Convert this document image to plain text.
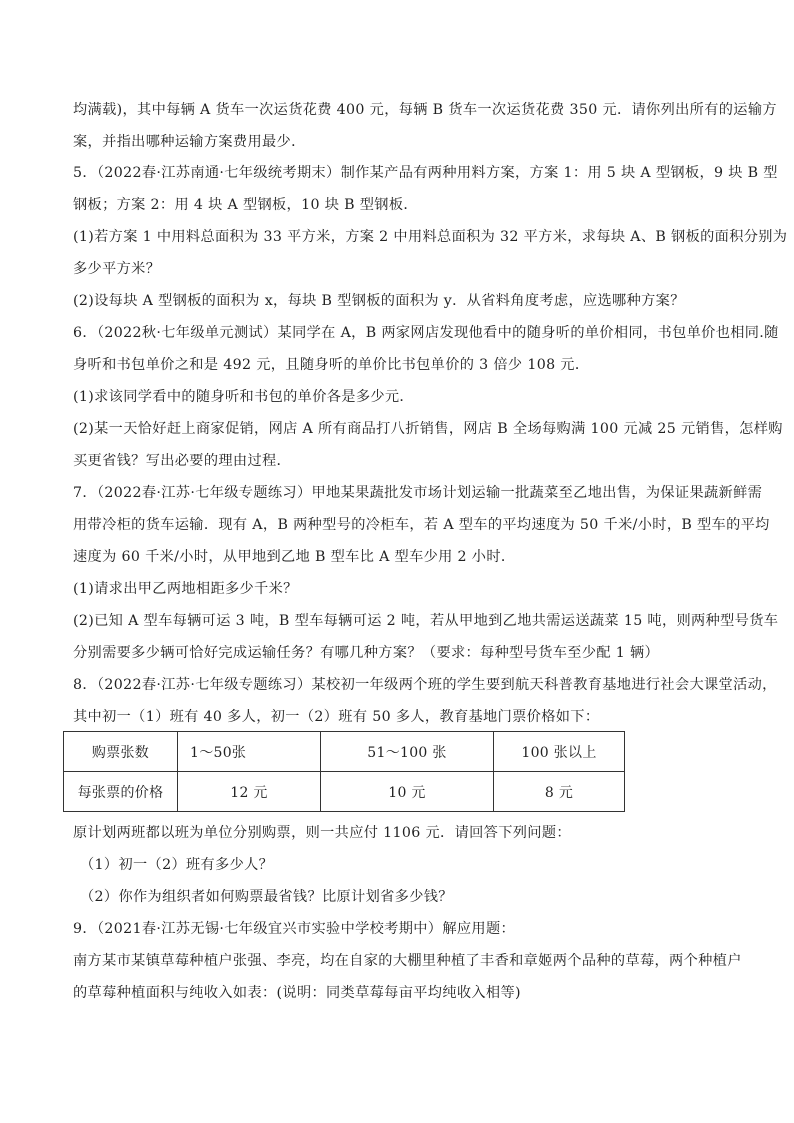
均满载)，其中每辆 A 货车一次运货花费 400 元，每辆 B 货车一次运货花费 350 元．请你列出所有的运输方
案，并指出哪种运输方案费用最少．
5．（2022春·江苏南通·七年级统考期末）制作某产品有两种用料方案，方案 1：用 5 块 A 型钢板，9 块 B 型
钢板；方案 2：用 4 块 A 型钢板，10 块 B 型钢板．
(1)若方案 1 中用料总面积为 33 平方米，方案 2 中用料总面积为 32 平方米，求每块 A、B 钢板的面积分别为
多少平方米？
(2)设每块 A 型钢板的面积为 x，每块 B 型钢板的面积为 y．从省料角度考虑，应选哪种方案？
6．（2022秋·七年级单元测试）某同学在 A，B 两家网店发现他看中的随身听的单价相同，书包单价也相同.随
身听和书包单价之和是 492 元，且随身听的单价比书包单价的 3 倍少 108 元．
(1)求该同学看中的随身听和书包的单价各是多少元．
(2)某一天恰好赶上商家促销，网店 A 所有商品打八折销售，网店 B 全场每购满 100 元减 25 元销售，怎样购
买更省钱？写出必要的理由过程．
7．（2022春·江苏·七年级专题练习）甲地某果蔬批发市场计划运输一批蔬菜至乙地出售，为保证果蔬新鲜需
用带冷柜的货车运输．现有 A，B 两种型号的冷柜车，若 A 型车的平均速度为 50 千米/小时，B 型车的平均
速度为 60 千米/小时，从甲地到乙地 B 型车比 A 型车少用 2 小时．
(1)请求出甲乙两地相距多少千米？
(2)已知 A 型车每辆可运 3 吨，B 型车每辆可运 2 吨，若从甲地到乙地共需运送蔬菜 15 吨，则两种型号货车
分别需要多少辆可恰好完成运输任务？有哪几种方案？（要求：每种型号货车至少配 1 辆）
8．（2022春·江苏·七年级专题练习）某校初一年级两个班的学生要到航天科普教育基地进行社会大课堂活动，
其中初一（1）班有 40 多人，初一（2）班有 50 多人，教育基地门票价格如下：
购票张数	1～50张	51～100 张	100 张以上
每张票的价格	12 元	10 元	8 元
原计划两班都以班为单位分别购票，则一共应付 1106 元．请回答下列问题：
（1）初一（2）班有多少人？
（2）你作为组织者如何购票最省钱？比原计划省多少钱？
9．（2021春·江苏无锡·七年级宜兴市实验中学校考期中）解应用题：
南方某市某镇草莓种植户张强、李亮，均在自家的大棚里种植了丰香和章姬两个品种的草莓，两个种植户
的草莓种植面积与纯收入如表：(说明：同类草莓每亩平均纯收入相等)
